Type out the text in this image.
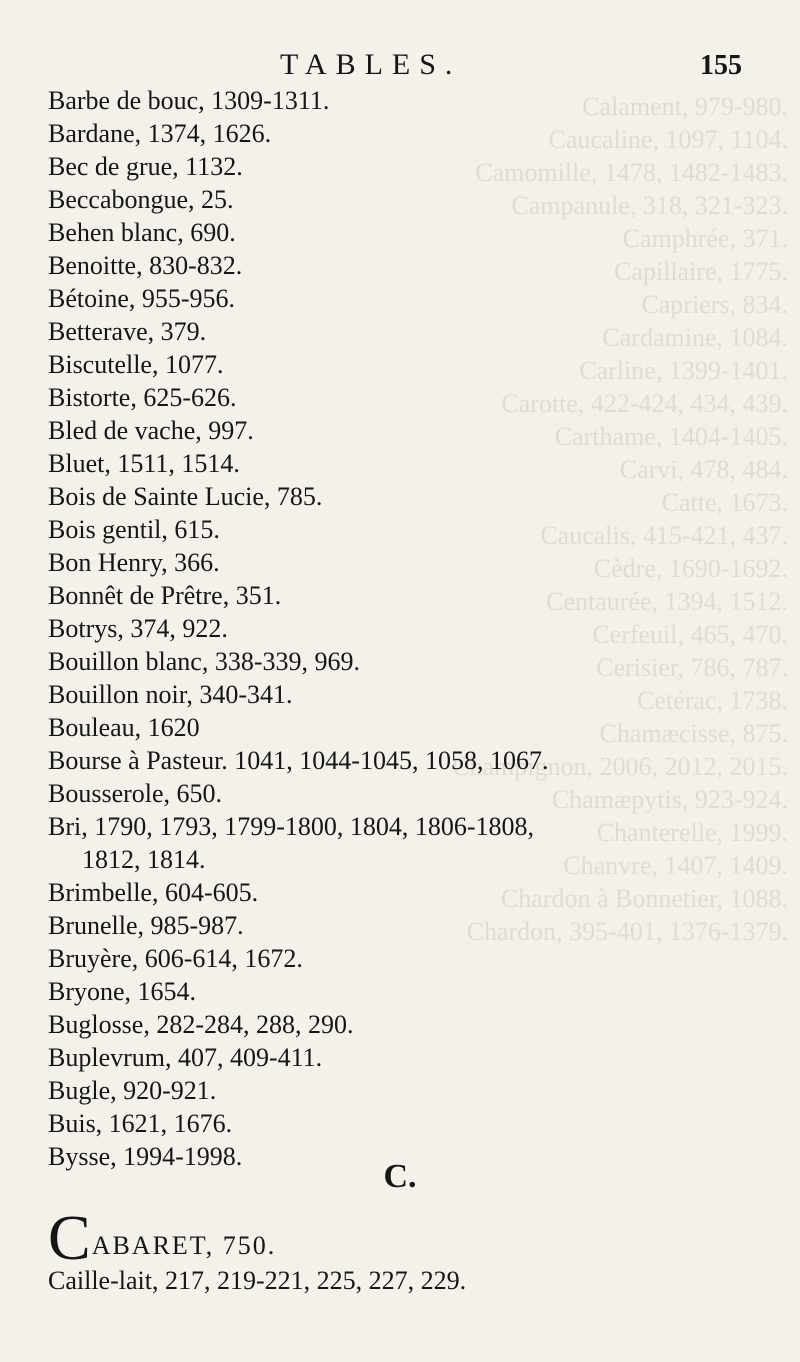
Calament, 979-980.
Caucaline, 1097, 1104.
Camomille, 1478, 1482-1483.
Campanule, 318, 321-323.
Camphrée, 371.
Capillaire, 1775.
Capriers, 834.
Cardamine, 1084.
Carline, 1399-1401.
Carotte, 422-424, 434, 439.
Carthame, 1404-1405.
Carvi, 478, 484.
Catte, 1673.
Caucalis, 415-421, 437.
Cèdre, 1690-1692.
Centaurée, 1394, 1512.
Cerfeuil, 465, 470.
Cerisier, 786, 787.
Cetérac, 1738.
Chamæcisse, 875.
Champignon, 2006, 2012, 2015.
Chamæpytis, 923-924.
Chanterelle, 1999.
Chanvre, 1407, 1409.
Chardon à Bonnetier, 1088.
Chardon, 395-401, 1376-1379.
TABLES.	155
Barbe de bouc, 1309-1311.
Bardane, 1374, 1626.
Bec de grue, 1132.
Beccabongue, 25.
Behen blanc, 690.
Benoitte, 830-832.
Bétoine, 955-956.
Betterave, 379.
Biscutelle, 1077.
Bistorte, 625-626.
Bled de vache, 997.
Bluet, 1511, 1514.
Bois de Sainte Lucie, 785.
Bois gentil, 615.
Bon Henry, 366.
Bonnêt de Prêtre, 351.
Botrys, 374, 922.
Bouillon blanc, 338-339, 969.
Bouillon noir, 340-341.
Bouleau, 1620
Bourse à Pasteur. 1041, 1044-1045, 1058, 1067.
Bousserole, 650.
Bri, 1790, 1793, 1799-1800, 1804, 1806-1808,
1812, 1814.
Brimbelle, 604-605.
Brunelle, 985-987.
Bruyère, 606-614, 1672.
Bryone, 1654.
Buglosse, 282-284, 288, 290.
Buplevrum, 407, 409-411.
Bugle, 920-921.
Buis, 1621, 1676.
Bysse, 1994-1998.
C.
C ABARET, 750.
Caille-lait, 217, 219-221, 225, 227, 229.
